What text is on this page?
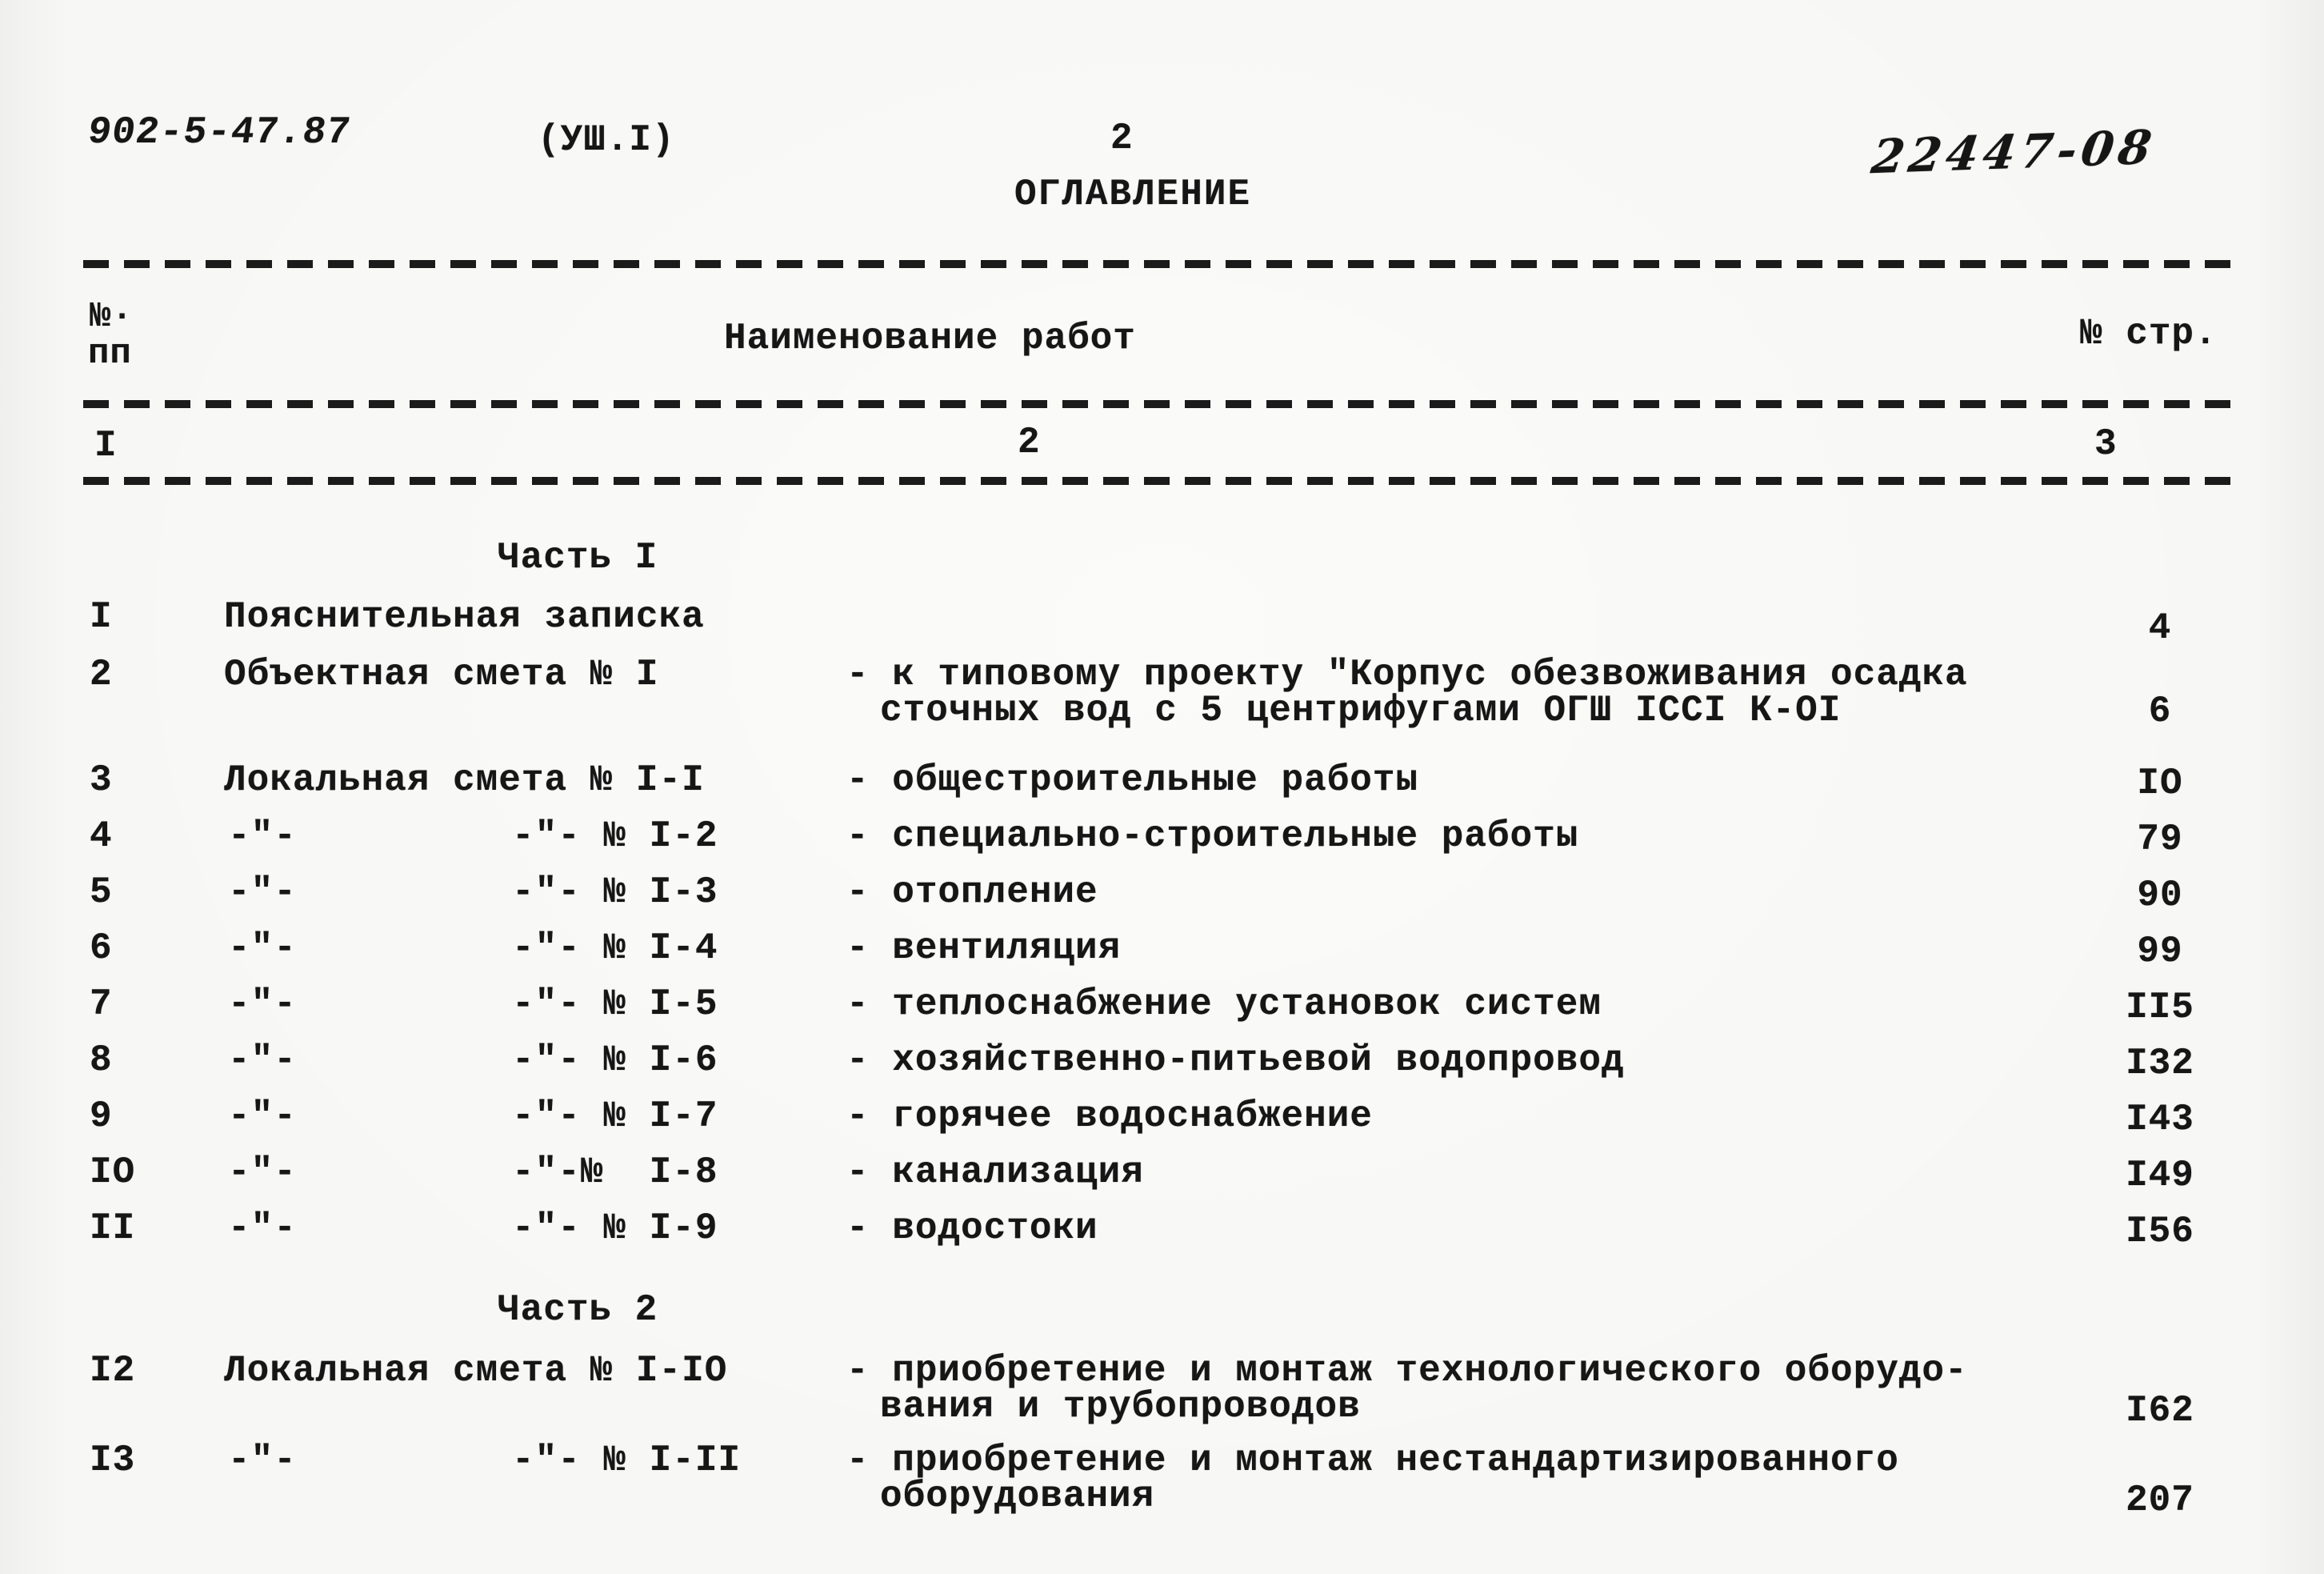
902-5-47.87	(УШ.I)	2
ОГЛАВЛЕНИЕ
22447-08
№·
пп	Наименование работ	№ стр.
I	2	3
Часть I
I	Пояснительная записка	4
2	Объектная смета № I	- к типовому проекту "Корпус обезвоживания осадка
сточных вод с 5 центрифугами ОГШ ICCI К-ОI	6
3	Локальная смета № I-I	- общестроительные работы	IO
4	-"-	-"- № I-2	- специально-строительные работы	79
5	-"-	-"- № I-3	- отопление	90
6	-"-	-"- № I-4	- вентиляция	99
7	-"-	-"- № I-5	- теплоснабжение установок систем	II5
8	-"-	-"- № I-6	- хозяйственно-питьевой водопровод	I32
9	-"-	-"- № I-7	- горячее водоснабжение	I43
IO	-"-	-"-№  I-8	- канализация	I49
II	-"-	-"- № I-9	- водостоки	I56
Часть 2
I2 Локальная смета № I-IO	- приобретение и монтаж технологического оборудо-
вания и трубопроводов	I62
I3	-"-	-"- № I-II	- приобретение и монтаж нестандартизированного
оборудования	207
